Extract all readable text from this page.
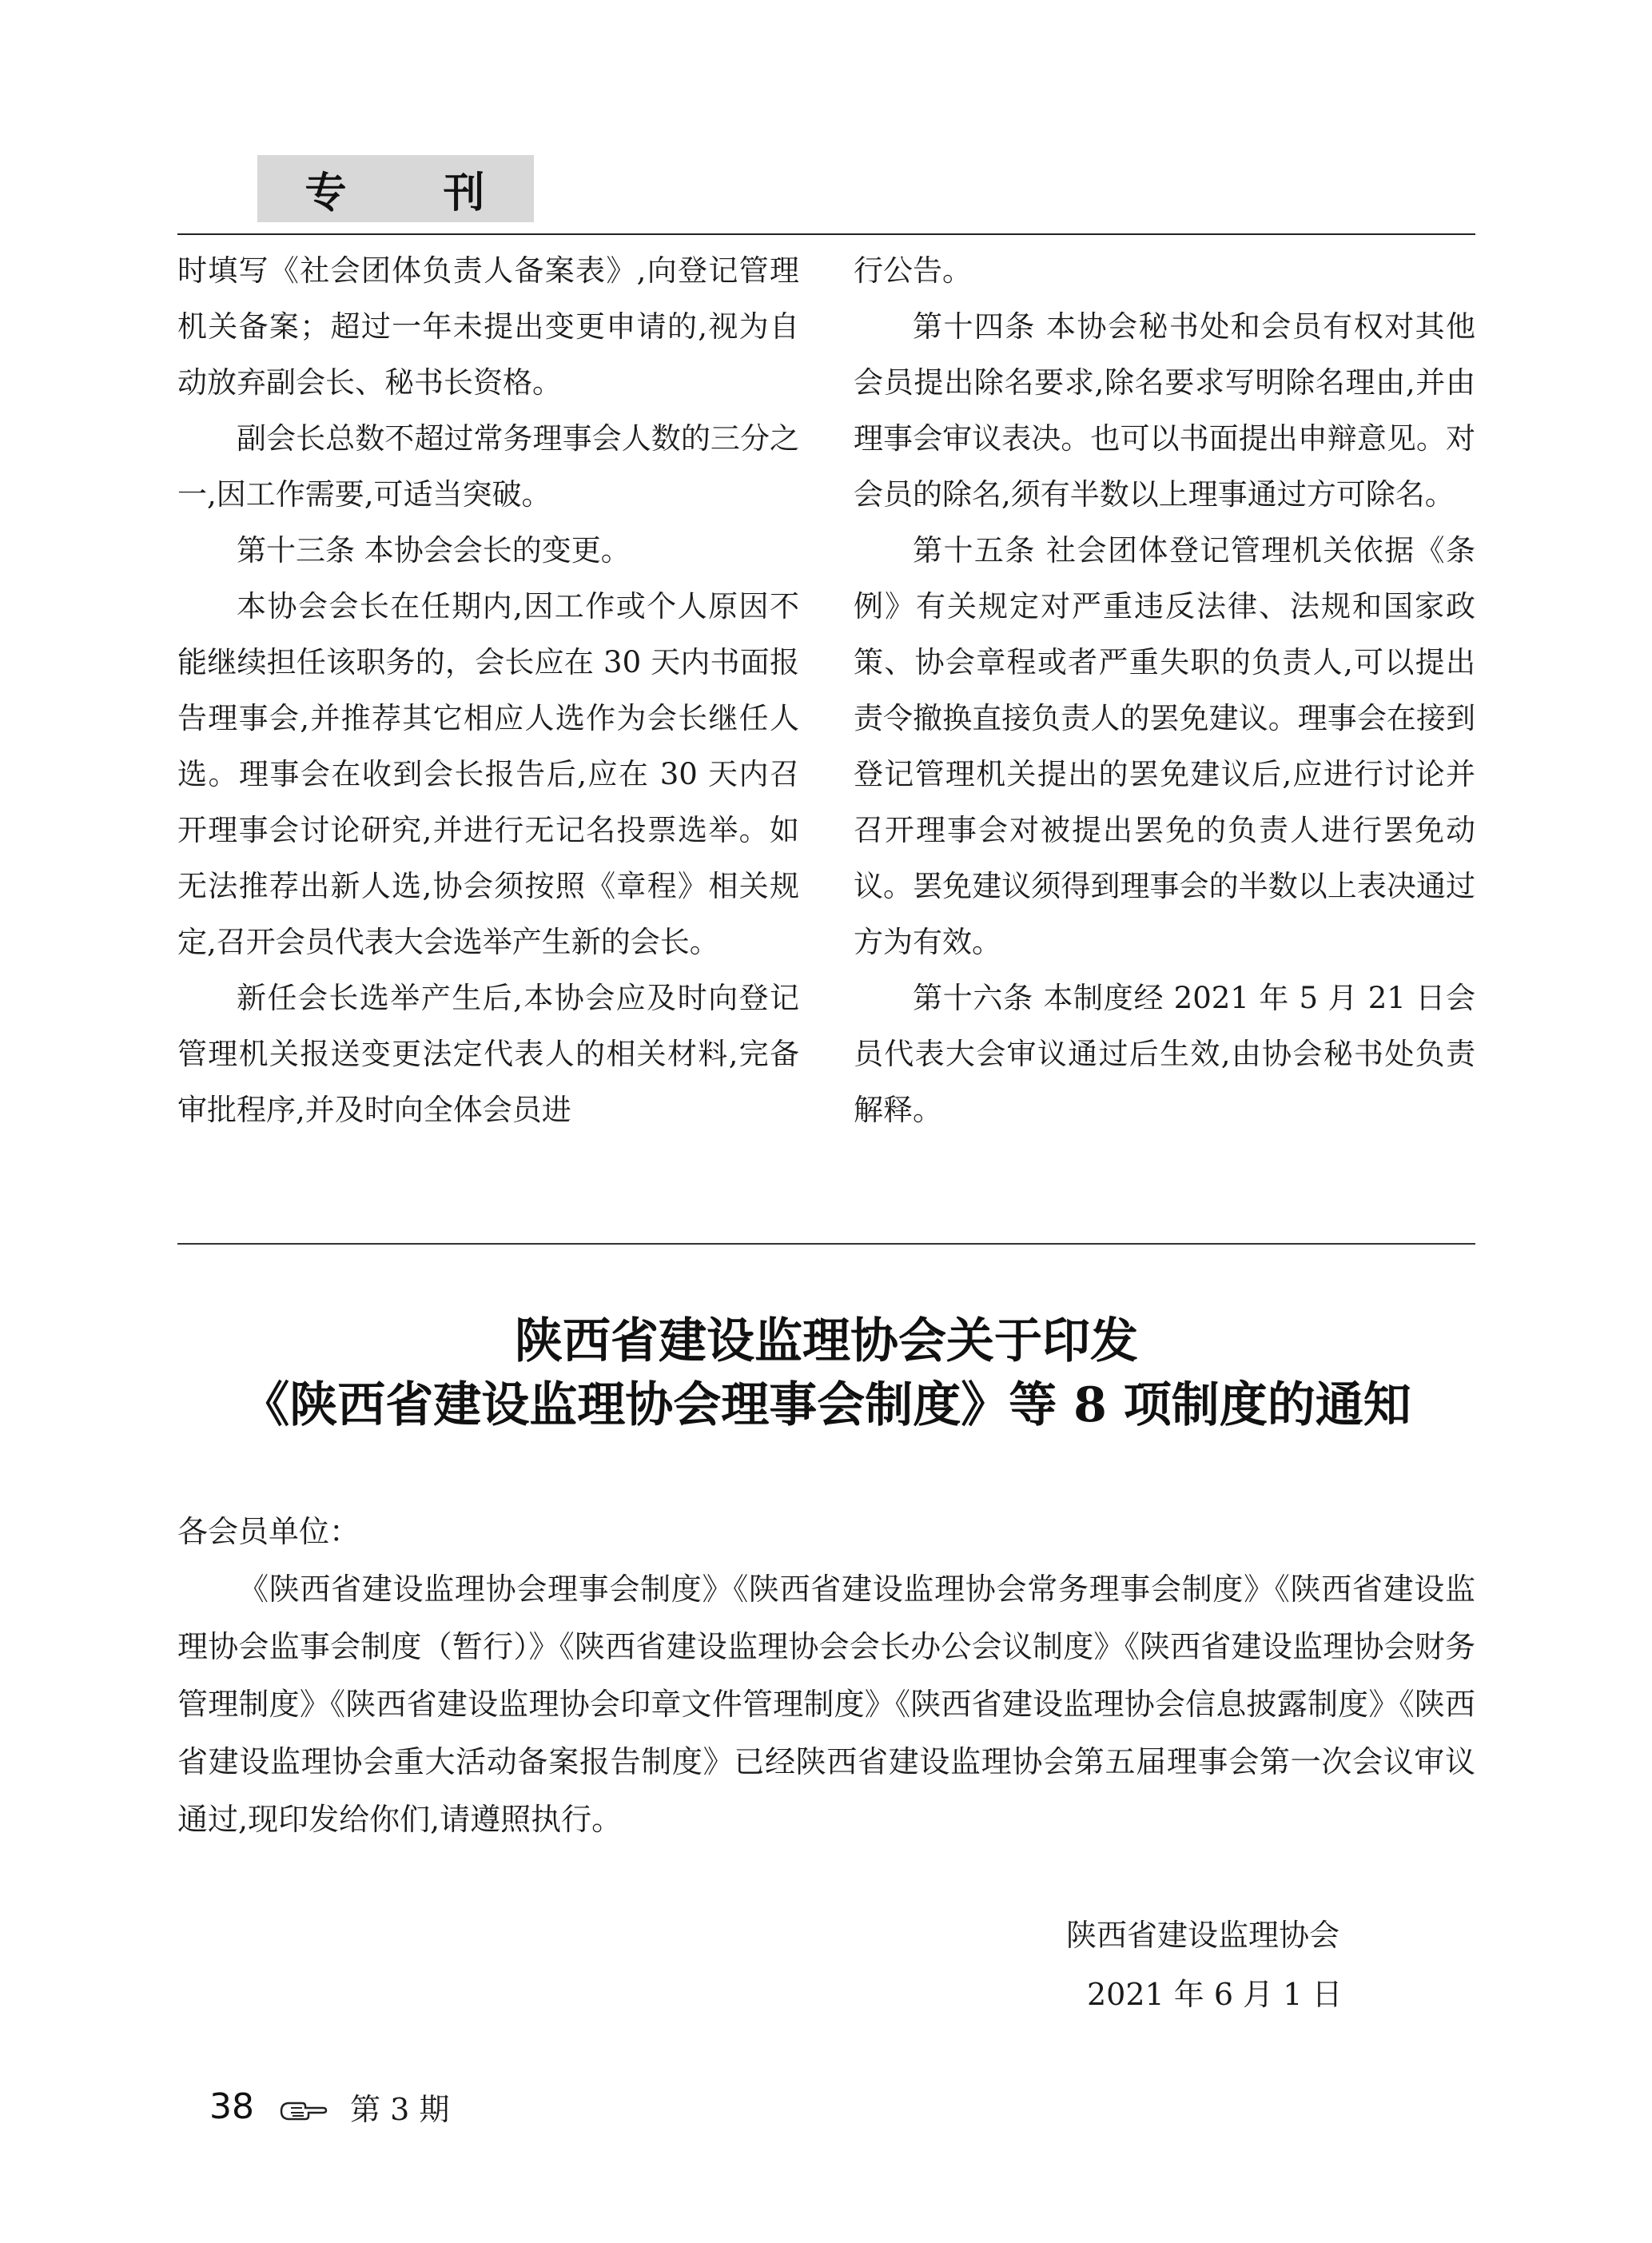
专 刊

时填写《社会团体负责人备案表》,向登记管理机关备案；超过一年未提出变更申请的,视为自动放弃副会长、秘书长资格。

副会长总数不超过常务理事会人数的三分之一,因工作需要,可适当突破。

第十三条 本协会会长的变更。

本协会会长在任期内,因工作或个人原因不能继续担任该职务的，会长应在 30 天内书面报告理事会,并推荐其它相应人选作为会长继任人选。理事会在收到会长报告后,应在 30 天内召开理事会讨论研究,并进行无记名投票选举。如无法推荐出新人选,协会须按照《章程》相关规定,召开会员代表大会选举产生新的会长。

新任会长选举产生后,本协会应及时向登记管理机关报送变更法定代表人的相关材料,完备审批程序,并及时向全体会员进

行公告。

第十四条 本协会秘书处和会员有权对其他会员提出除名要求,除名要求写明除名理由,并由理事会审议表决。也可以书面提出申辩意见。对会员的除名,须有半数以上理事通过方可除名。

第十五条 社会团体登记管理机关依据《条例》有关规定对严重违反法律、法规和国家政策、协会章程或者严重失职的负责人,可以提出责令撤换直接负责人的罢免建议。理事会在接到登记管理机关提出的罢免建议后,应进行讨论并召开理事会对被提出罢免的负责人进行罢免动议。罢免建议须得到理事会的半数以上表决通过方为有效。

第十六条 本制度经 2021 年 5 月 21 日会员代表大会审议通过后生效,由协会秘书处负责解释。

陕西省建设监理协会关于印发
《陕西省建设监理协会理事会制度》等 8 项制度的通知
各会员单位：

《陕西省建设监理协会理事会制度》《陕西省建设监理协会常务理事会制度》《陕西省建设监理协会监事会制度（暂行）》《陕西省建设监理协会会长办公会议制度》《陕西省建设监理协会财务管理制度》《陕西省建设监理协会印章文件管理制度》《陕西省建设监理协会信息披露制度》《陕西省建设监理协会重大活动备案报告制度》已经陕西省建设监理协会第五届理事会第一次会议审议通过,现印发给你们,请遵照执行。

陕西省建设监理协会
2021 年 6 月 1 日
38	第 3 期
